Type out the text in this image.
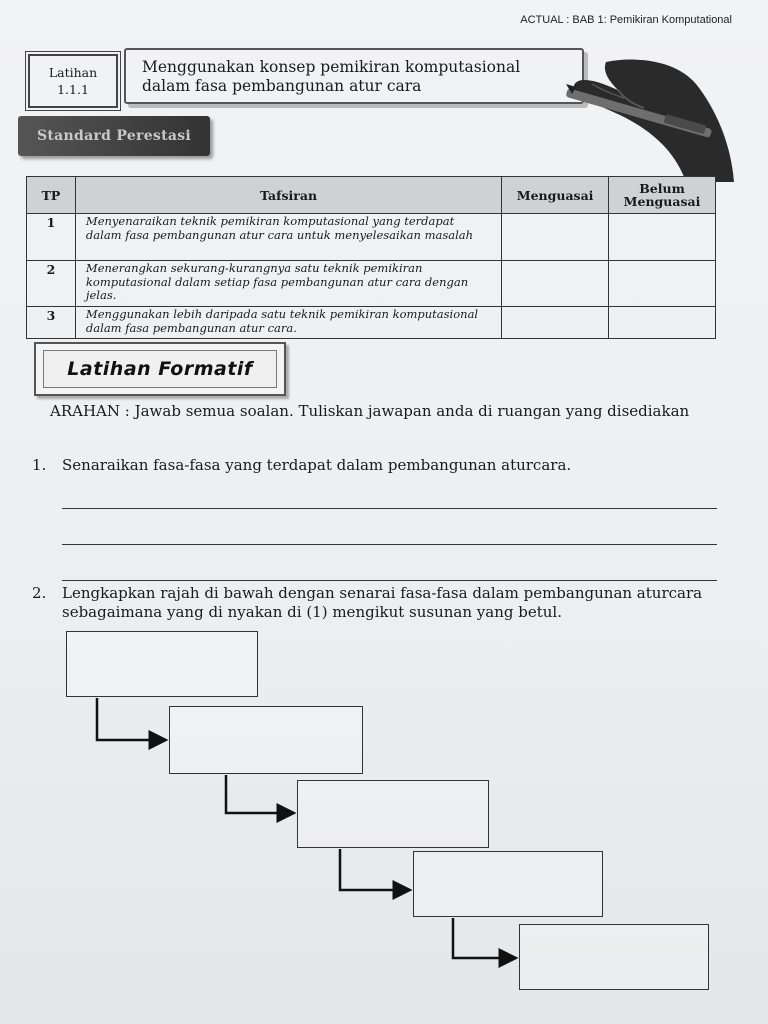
ACTUAL : BAB 1: Pemikiran Komputational
Latihan
1.1.1
Menggunakan konsep pemikiran komputasional
dalam fasa pembangunan atur cara
Standard Perestasi
TP	Tafsiran	Menguasai	Belum Menguasai
1	Menyenaraikan teknik pemikiran komputasional yang terdapat dalam fasa pembangunan atur cara untuk menyelesaikan masalah		
2	Menerangkan sekurang-kurangnya satu teknik pemikiran komputasional dalam setiap fasa pembangunan atur cara dengan jelas.		
3	Menggunakan lebih daripada satu teknik pemikiran komputasional dalam fasa pembangunan atur cara.		
Latihan Formatif
ARAHAN : Jawab semua soalan. Tuliskan jawapan anda di ruangan yang disediakan
1. Senaraikan fasa-fasa yang terdapat dalam pembangunan aturcara.
2. Lengkapkan rajah di bawah dengan senarai fasa-fasa dalam pembangunan aturcara sebagaimana yang di nyakan di (1) mengikut susunan yang betul.
